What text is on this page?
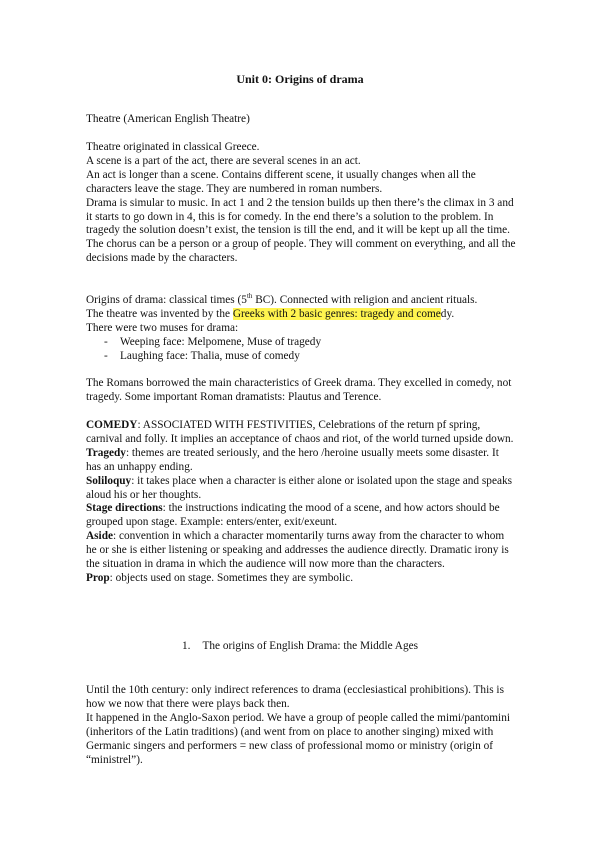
Unit 0: Origins of drama

Theatre (American English Theatre)

Theatre originated in classical Greece.

A scene is a part of the act, there are several scenes in an act.

An act is longer than a scene. Contains different scene, it usually changes when all the characters leave the stage. They are numbered in roman numbers.

Drama is simular to music. In act 1 and 2 the tension builds up then there’s the climax in 3 and it starts to go down in 4, this is for comedy. In the end there’s a solution to the problem. In tragedy the solution doesn’t exist, the tension is till the end, and it will be kept up all the time.

The chorus can be a person or a group of people. They will comment on everything, and all the decisions made by the characters.

Origins of drama: classical times (5th BC). Connected with religion and ancient rituals.

The theatre was invented by the Greeks with 2 basic genres: tragedy and comedy.

There were two muses for drama:

- Weeping face: Melpomene, Muse of tragedy
- Laughing face: Thalia, muse of comedy

The Romans borrowed the main characteristics of Greek drama. They excelled in comedy, not tragedy. Some important Roman dramatists: Plautus and Terence.

COMEDY: ASSOCIATED WITH FESTIVITIES, Celebrations of the return pf spring, carnival and folly. It implies an acceptance of chaos and riot, of the world turned upside down.

Tragedy: themes are treated seriously, and the hero /heroine usually meets some disaster. It has an unhappy ending.

Soliloquy: it takes place when a character is either alone or isolated upon the stage and speaks aloud his or her thoughts.

Stage directions: the instructions indicating the mood of a scene, and how actors should be grouped upon stage. Example: enters/enter, exit/exeunt.

Aside: convention in which a character momentarily turns away from the character to whom he or she is either listening or speaking and addresses the audience directly. Dramatic irony is the situation in drama in which the audience will now more than the characters.

Prop: objects used on stage. Sometimes they are symbolic.

1. The origins of English Drama: the Middle Ages

Until the 10th century: only indirect references to drama (ecclesiastical prohibitions). This is how we now that there were plays back then.

It happened in the Anglo-Saxon period. We have a group of people called the mimi/pantomini (inheritors of the Latin traditions) (and went from on place to another singing) mixed with Germanic singers and performers = new class of professional momo or ministry (origin of “ministrel”).
